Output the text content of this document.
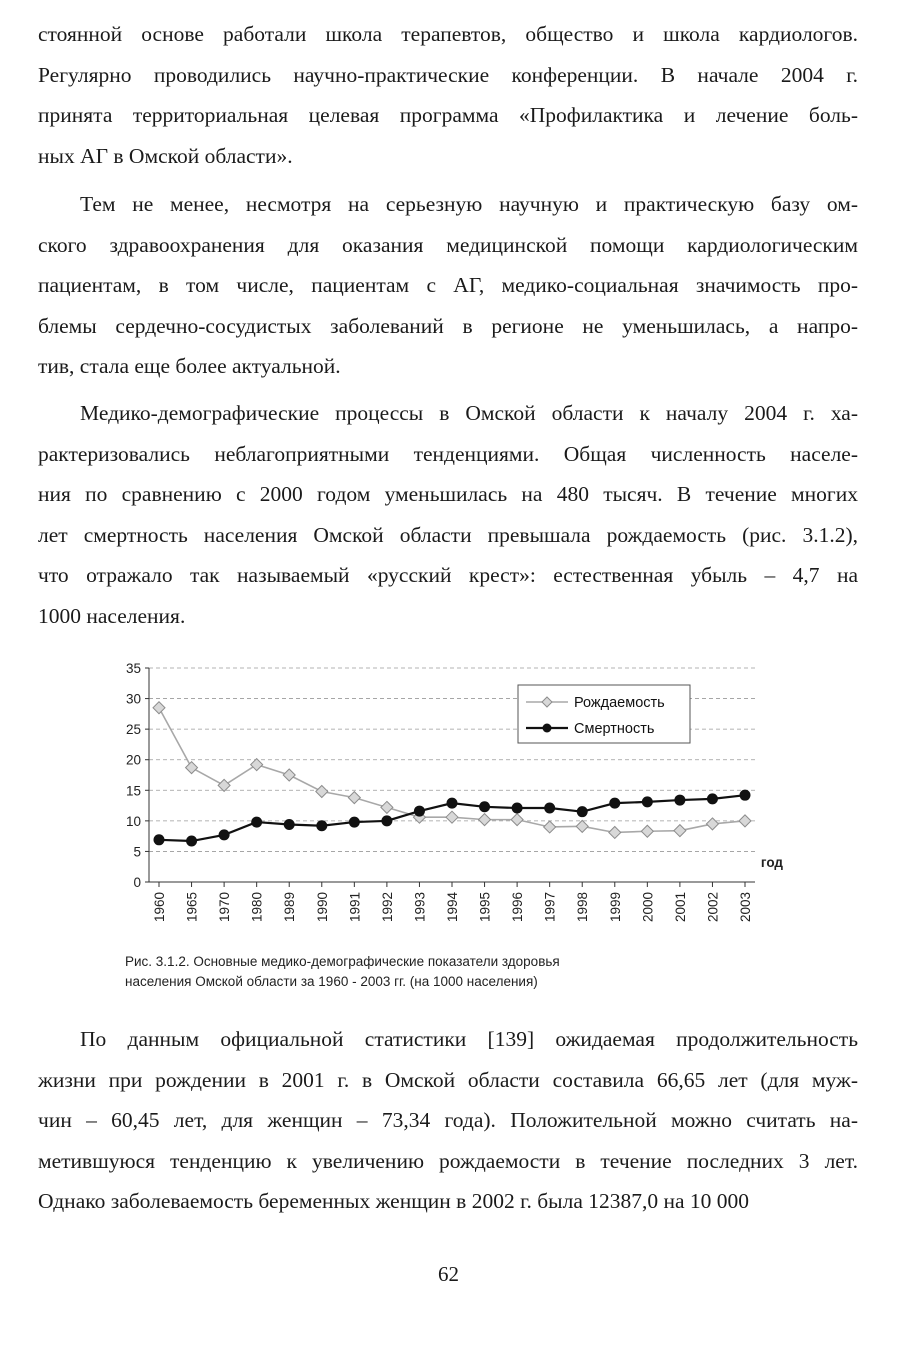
стоянной основе работали школа терапевтов, общество и школа кардиологов.
Регулярно проводились научно-практические конференции. В начале 2004 г.
принята территориальная целевая программа «Профилактика и лечение боль-
ных АГ в Омской области».
Тем не менее, несмотря на серьезную научную и практическую базу ом-
ского здравоохранения для оказания медицинской помощи кардиологическим
пациентам, в том числе, пациентам с АГ, медико-социальная значимость про-
блемы сердечно-сосудистых заболеваний в регионе не уменьшилась, а напро-
тив, стала еще более актуальной.
Медико-демографические процессы в Омской области к началу 2004 г. ха-
рактеризовались неблагоприятными тенденциями. Общая численность населе-
ния по сравнению с 2000 годом уменьшилась на 480 тысяч. В течение многих
лет смертность населения Омской области превышала рождаемость (рис. 3.1.2),
что отражало так называемый «русский крест»: естественная убыль – 4,7 на
1000 населения.
По данным официальной статистики [139] ожидаемая продолжительность
жизни при рождении в 2001 г. в Омской области составила 66,65 лет (для муж-
чин – 60,45 лет, для женщин – 73,34 года). Положительной можно считать на-
метившуюся тенденцию к увеличению рождаемости в течение последних 3 лет.
Однако заболеваемость беременных женщин в 2002 г. была 12387,0 на 10 000
0
5
10
15
20
25
30
35
1960 1965 1970 1980 1989 1990 1991 1992 1993 1994 1995 1996 1997 1998 1999 2000 2001 2002 2003
год
Рождаемость
Смертность
Рис. 3.1.2. Основные медико-демографические показатели здоровья
населения Омской области за 1960 - 2003 гг. (на 1000 населения)
62
